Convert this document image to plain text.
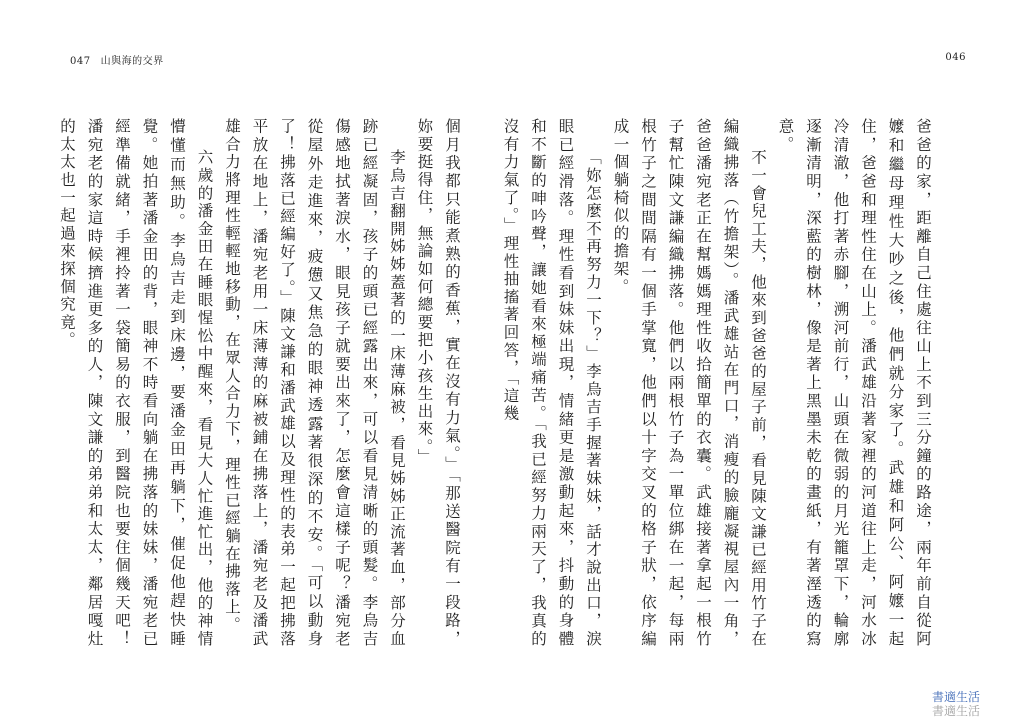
047 山與海的交界

個月我都只能煮熟的香蕉，實在沒有力氣。」「那送醫院有一段路，妳要挺得住，無論如何總要把小孩生出來。」

李烏吉翻開姊姊蓋著的一床薄麻被，看見姊姊正流著血，部分血跡已經凝固，孩子的頭已經露出來，可以看見清晰的頭髮。李烏吉傷感地拭著淚水，眼見孩子就要出來了，怎麼會這樣子呢？潘宛老從屋外走進來，疲憊又焦急的眼神透露著很深的不安。「可以動身了！拂落已經編好了。」陳文謙和潘武雄以及理性的表弟一起把拂落平放在地上，潘宛老用一床薄薄的麻被鋪在拂落上，潘宛老及潘武雄合力將理性輕輕地移動，在眾人合力下，理性已經躺在拂落上。

六歲的潘金田在睡眼惺忪中醒來，看見大人忙進忙出，他的神情懵懂而無助。李烏吉走到床邊，要潘金田再躺下，催促他趕快睡覺。她拍著潘金田的背，眼神不時看向躺在拂落的妹妹，潘宛老已經準備就緒，手裡拎著一袋簡易的衣服，到醫院也要住個幾天吧！潘宛老的家這時候擠進更多的人，陳文謙的弟弟和太太，鄰居嘎灶的太太也一起過來探個究竟。

046

爸爸的家，距離自己住處往山上不到三分鐘的路途，兩年前自從阿嬤和繼母理性大吵之後，他們就分家了。武雄和阿公、阿嬤一起住，爸爸和理性住在山上。潘武雄沿著家裡的河道往上走，河水冰冷清澈，他打著赤腳，溯河前行，山頭在微弱的月光籠罩下，輪廓逐漸清明，深藍的樹林，像是著上黑墨未乾的畫紙，有著溼透的寫意。

不一會兒工夫，他來到爸爸的屋子前，看見陳文謙已經用竹子在編織拂落（竹擔架）。潘武雄站在門口，消瘦的臉龐凝視屋內一角，爸爸潘宛老正在幫媽媽理性收拾簡單的衣囊。武雄接著拿起一根竹子幫忙陳文謙編織拂落。他們以兩根竹子為一單位綁在一起，每兩根竹子之間間隔有一個手掌寬，他們以十字交叉的格子狀，依序編成一個躺椅似的擔架。

「妳怎麼不再努力一下？」李烏吉手握著妹妹，話才說出口，淚眼已經滑落。理性看到妹妹出現，情緒更是激動起來，抖動的身體和不斷的呻吟聲，讓她看來極端痛苦。「我已經努力兩天了，我真的沒有力氣了。」理性抽搐著回答，「這幾

書適生活
書適生活
